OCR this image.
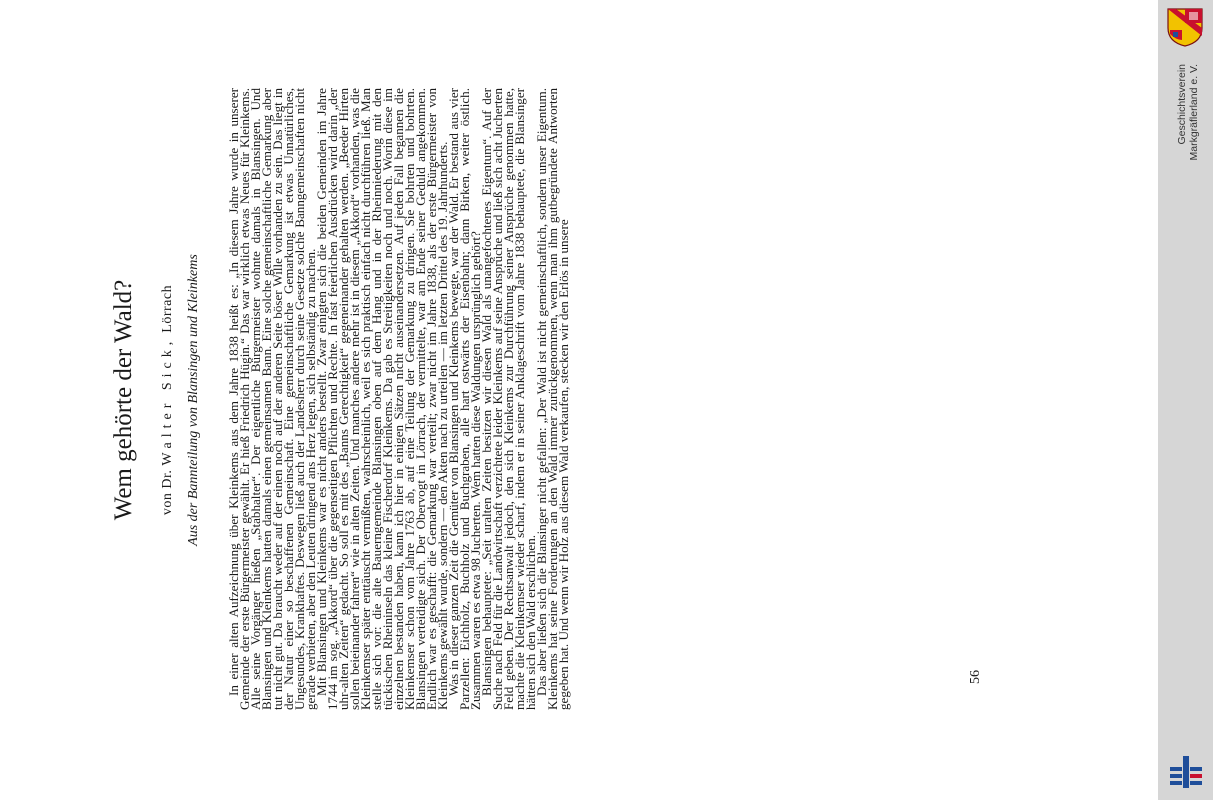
Wem gehörte der Wald? von Dr. Walter Sick, Lörrach Aus der Bannteilung von Blansingen und Kleinkems In einer alten Aufzeichnung über Kleinkems aus dem Jahre 1838 heißt es: „In diesem Jahre wurde in unserer Gemeinde der erste Bürgermeister gewählt. Er hieß Friedrich Hügin.“ Das war wirklich etwas Neues für Kleinkems. Alle seine Vorgänger hießen „Stabhalter“. Der eigentliche Bürgermeister wohnte damals in Blansingen. Und Blansingen und Kleinkems hatten damals einen gemeinsamen Bann. Eine solche gemeinschaftliche Gemarkung aber tut nicht gut. Da braucht weder auf der einen noch auf der anderen Seite böser Wille vorhanden zu sein. Das liegt in der Natur einer so beschaffenen Gemeinschaft. Eine gemeinschaftliche Gemarkung ist etwas Unnatürliches, Ungesundes, Krankhaftes. Deswegen ließ auch der Landesherr durch seine Gesetze solche Banngemeinschaften nicht gerade verbieten, aber den Leuten dringend ans Herz legen, sich selbständig zu machen.

Mit Blansingen und Kleinkems war es nicht anders bestellt. Zwar einigten sich die beiden Gemeinden im Jahre 1744 im sog. „Akkord“ über die gegenseitigen Pflichten und Rechte. In fast feierlichen Ausdrücken wird darin „der uhr-alten Zeiten“ gedacht. So soll es mit des „Banns Gerechtigkeit“ gegeneinander gehalten werden. „Beeder Hirten sollen beieinander fahren“ wie in alten Zeiten. Und manches andere mehr ist in diesem „Akkord“ vorhanden, was die Kleinkemser später enttäuscht vermißten, wahrscheinlich, weil es sich praktisch einfach nicht durchführen ließ. Man stelle sich vor: die alte Bauerngemeinde Blansingen oben auf dem Hang und in der Rheinniederung mit den tückischen Rheininseln das kleine Fischerdorf Kleinkems. Da gab es Streitigkeiten noch und noch. Worin diese im einzelnen bestanden haben, kann ich hier in einigen Sätzen nicht auseinandersetzen. Auf jeden Fall begannen die Kleinkemser schon vom Jahre 1763 ab, auf eine Teilung der Gemarkung zu dringen. Sie bohrten und bohrten. Blansingen verteidigte sich. Der Obervogt in Lörrach, der vermittelte, war am Ende seiner Geduld angekommen. Endlich war es geschafft: die Gemarkung war verteilt; zwar nicht im Jahre 1838, als der erste Bürgermeister von Kleinkems gewählt wurde, sondern — den Akten nach zu urteilen — im letzten Drittel des 19. Jahrhunderts.

Was in dieser ganzen Zeit die Gemüter von Blansingen und Kleinkems bewegte, war der Wald. Er bestand aus vier Parzellen: Eichholz, Buchholz und Buchgraben, alle hart ostwärts der Eisenbahn; dann Birken, weiter östlich. Zusammen waren es etwa 98 Jucherten. Wem hatten diese Waldungen ursprünglich gehört?

Blansingen behauptete: „Seit uralten Zeiten besitzen wir diesen Wald als unangefochtenes Eigentum“. Auf der Suche nach Feld für die Landwirtschaft verzichtete leider Kleinkems auf seine Ansprüche und ließ sich acht Jucherten Feld geben. Der Rechtsanwalt jedoch, den sich Kleinkems zur Durchführung seiner Ansprüche genommen hatte, machte die Kleinkemser wieder scharf, indem er in seiner Anklageschrift vom Jahre 1838 behauptete, die Blansinger hätten sich den Wald erschlichen.

Das aber ließen sich die Blansinger nicht gefallen: „Der Wald ist nicht gemeinschaftlich, sondern unser Eigentum. Kleinkems hat seine Forderungen an den Wald immer zurückgenommen, wenn man ihm gutbegründete Antworten gegeben hat. Und wenn wir Holz aus diesem Wald verkaufen, stecken wir den Erlös in unsere	56
Geschichtsverein Markgräflerland e. V.
